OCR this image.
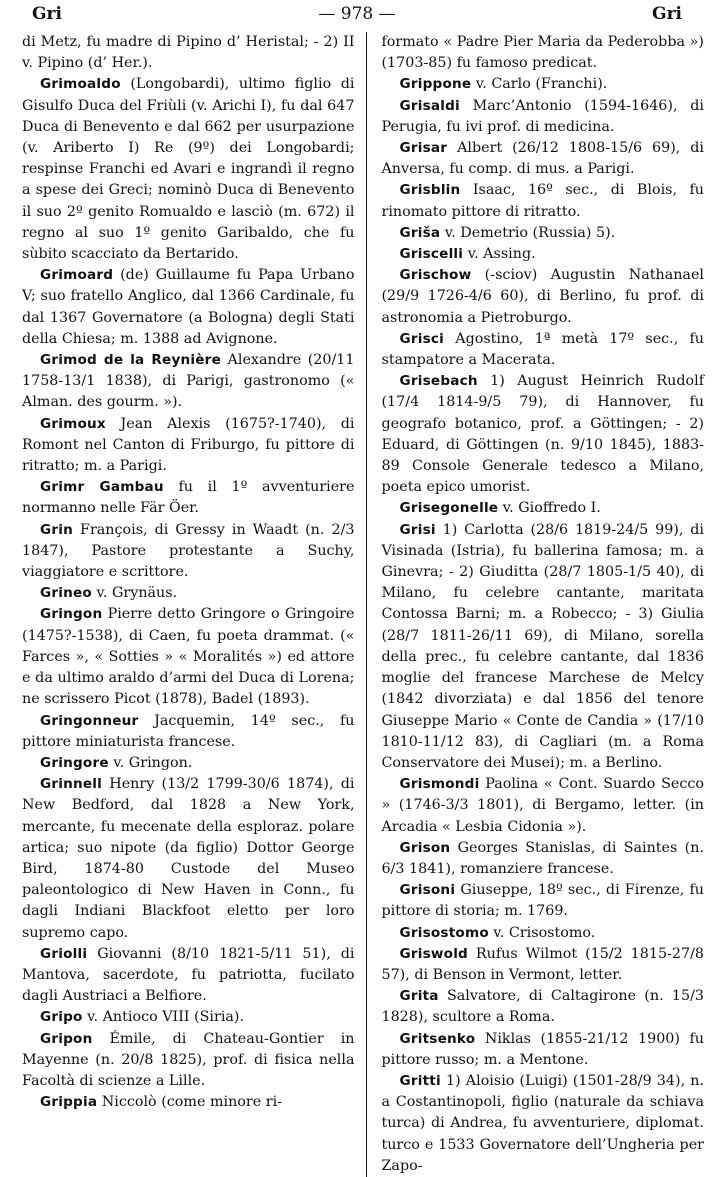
Gri	— 978 —	Gri

di Metz, fu madre di Pipino d’ Heristal; - 2) II v. Pipino (d’ Her.).

Grimoaldo (Longobardi), ultimo figlio di Gisulfo Duca del Friùli (v. Arichi I), fu dal 647 Duca di Benevento e dal 662 per usurpazione (v. Ariberto I) Re (9º) dei Longobardi; respinse Franchi ed Avari e ingrandì il regno a spese dei Greci; nominò Duca di Benevento il suo 2º genito Romualdo e lasciò (m. 672) il regno al suo 1º genito Garibaldo, che fu sùbito scacciato da Bertarido.

Grimoard (de) Guillaume fu Papa Urbano V; suo fratello Anglico, dal 1366 Cardinale, fu dal 1367 Governatore (a Bologna) degli Stati della Chiesa; m. 1388 ad Avignone.

Grimod de la Reynière Alexandre (20/11 1758-13/1 1838), di Parigi, gastronomo (« Alman. des gourm. »).

Grimoux Jean Alexis (1675?-1740), di Romont nel Canton di Friburgo, fu pittore di ritratto; m. a Parigi.

Grimr Gambau fu il 1º avventuriere normanno nelle Fär Öer.

Grin François, di Gressy in Waadt (n. 2/3 1847), Pastore protestante a Suchy, viaggiatore e scrittore.

Grineo v. Grynäus.

Gringon Pierre detto Gringore o Gringoire (1475?-1538), di Caen, fu poeta drammat. (« Farces », « Sotties » « Moralités ») ed attore e da ultimo araldo d’armi del Duca di Lorena; ne scrissero Picot (1878), Badel (1893).

Gringonneur Jacquemin, 14º sec., fu pittore miniaturista francese.

Gringore v. Gringon.

Grinnell Henry (13/2 1799-30/6 1874), di New Bedford, dal 1828 a New York, mercante, fu mecenate della esploraz. polare artica; suo nipote (da figlio) Dottor George Bird, 1874-80 Custode del Museo paleontologico di New Haven in Conn., fu dagli Indiani Blackfoot eletto per loro supremo capo.

Griolli Giovanni (8/10 1821-5/11 51), di Mantova, sacerdote, fu patriotta, fucilato dagli Austriaci a Belfiore.

Gripo v. Antioco VIII (Siria).

Gripon Émile, di Chateau-Gontier in Mayenne (n. 20/8 1825), prof. di fisica nella Facoltà di scienze a Lille.

Grippia Niccolò (come minore ri-

formato « Padre Pier Maria da Pederobba ») (1703-85) fu famoso predicat.

Grippone v. Carlo (Franchi).

Grisaldi Marc’Antonio (1594-1646), di Perugia, fu ivi prof. di medicina.

Grisar Albert (26/12 1808-15/6 69), di Anversa, fu comp. di mus. a Parigi.

Grisblin Isaac, 16º sec., di Blois, fu rinomato pittore di ritratto.

Griša v. Demetrio (Russia) 5).

Griscelli v. Assing.

Grischow (-sciov) Augustin Nathanael (29/9 1726-4/6 60), di Berlino, fu prof. di astronomia a Pietroburgo.

Grisci Agostino, 1ª metà 17º sec., fu stampatore a Macerata.

Grisebach 1) August Heinrich Rudolf (17/4 1814-9/5 79), di Hannover, fu geografo botanico, prof. a Göttingen; - 2) Eduard, di Göttingen (n. 9/10 1845), 1883-89 Console Generale tedesco a Milano, poeta epico umorist.

Grisegonelle v. Gioffredo I.

Grisi 1) Carlotta (28/6 1819-24/5 99), di Visinada (Istria), fu ballerina famosa; m. a Ginevra; - 2) Giuditta (28/7 1805-1/5 40), di Milano, fu celebre cantante, maritata Contossa Barni; m. a Robecco; - 3) Giulia (28/7 1811-26/11 69), di Milano, sorella della prec., fu celebre cantante, dal 1836 moglie del francese Marchese de Melcy (1842 divorziata) e dal 1856 del tenore Giuseppe Mario « Conte de Candia » (17/10 1810-11/12 83), di Cagliari (m. a Roma Conservatore dei Musei); m. a Berlino.

Grismondi Paolina « Cont. Suardo Secco » (1746-3/3 1801), di Bergamo, letter. (in Arcadia « Lesbia Cidonia »).

Grison Georges Stanislas, di Saintes (n. 6/3 1841), romanziere francese.

Grisoni Giuseppe, 18º sec., di Firenze, fu pittore di storia; m. 1769.

Grisostomo v. Crisostomo.

Griswold Rufus Wilmot (15/2 1815-27/8 57), di Benson in Vermont, letter.

Grita Salvatore, di Caltagirone (n. 15/3 1828), scultore a Roma.

Gritsenko Niklas (1855-21/12 1900) fu pittore russo; m. a Mentone.

Gritti 1) Aloisio (Luigi) (1501-28/9 34), n. a Costantinopoli, figlio (naturale da schiava turca) di Andrea, fu avventuriere, diplomat. turco e 1533 Governatore dell’Ungheria per Zapo-
